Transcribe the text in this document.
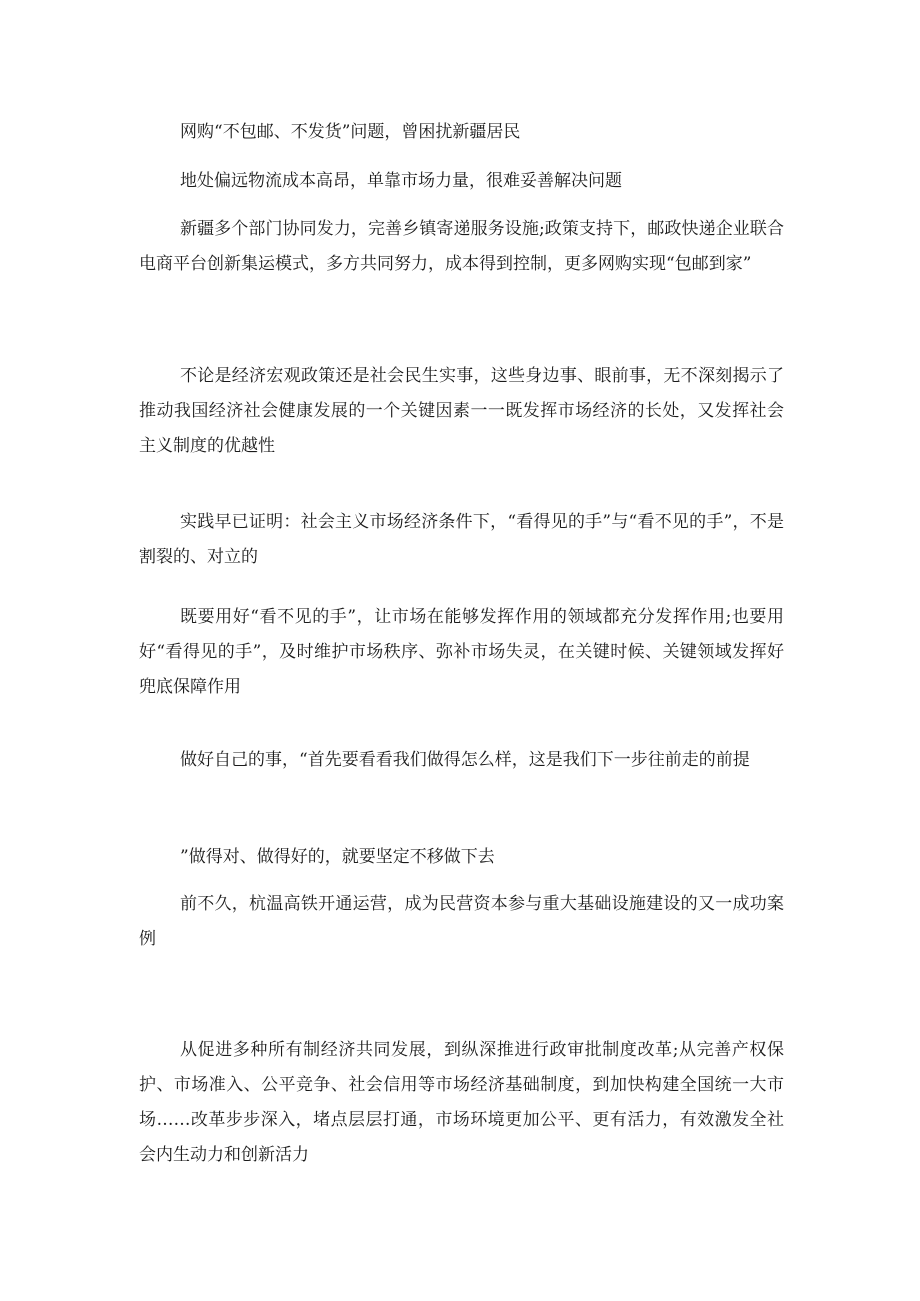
网购“不包邮、不发货”问题，曾困扰新疆居民

地处偏远物流成本高昂，单靠市场力量，很难妥善解决问题

新疆多个部门协同发力，完善乡镇寄递服务设施;政策支持下，邮政快递企业联合电商平台创新集运模式，多方共同努力，成本得到控制，更多网购实现“包邮到家”

不论是经济宏观政策还是社会民生实事，这些身边事、眼前事，无不深刻揭示了推动我国经济社会健康发展的一个关键因素一一既发挥市场经济的长处，又发挥社会主义制度的优越性

实践早已证明：社会主义市场经济条件下，“看得见的手”与“看不见的手”，不是割裂的、对立的

既要用好“看不见的手”，让市场在能够发挥作用的领域都充分发挥作用;也要用好“看得见的手”，及时维护市场秩序、弥补市场失灵，在关键时候、关键领域发挥好兜底保障作用

做好自己的事，“首先要看看我们做得怎么样，这是我们下一步往前走的前提

”做得对、做得好的，就要坚定不移做下去

前不久，杭温高铁开通运营，成为民营资本参与重大基础设施建设的又一成功案例

从促进多种所有制经济共同发展，到纵深推进行政审批制度改革;从完善产权保护、市场准入、公平竞争、社会信用等市场经济基础制度，到加快构建全国统一大市场……改革步步深入，堵点层层打通，市场环境更加公平、更有活力，有效激发全社会内生动力和创新活力
